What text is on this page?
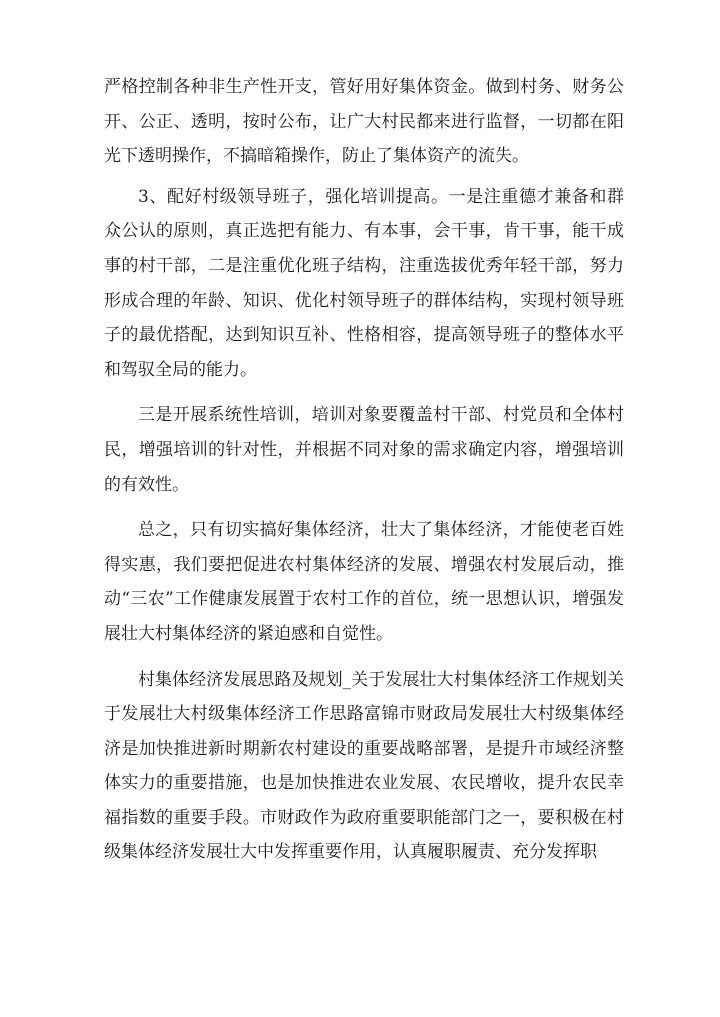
严格控制各种非生产性开支，管好用好集体资金。做到村务、财务公开、公正、透明，按时公布，让广大村民都来进行监督，一切都在阳光下透明操作，不搞暗箱操作，防止了集体资产的流失。

3、配好村级领导班子，强化培训提高。一是注重德才兼备和群众公认的原则，真正选把有能力、有本事，会干事，肯干事，能干成事的村干部，二是注重优化班子结构，注重选拔优秀年轻干部，努力形成合理的年龄、知识、优化村领导班子的群体结构，实现村领导班子的最优搭配，达到知识互补、性格相容，提高领导班子的整体水平和驾驭全局的能力。

三是开展系统性培训，培训对象要覆盖村干部、村党员和全体村民，增强培训的针对性，并根据不同对象的需求确定内容，增强培训的有效性。

总之，只有切实搞好集体经济，壮大了集体经济，才能使老百姓得实惠，我们要把促进农村集体经济的发展、增强农村发展后动，推动“三农”工作健康发展置于农村工作的首位，统一思想认识，增强发展壮大村集体经济的紧迫感和自觉性。

村集体经济发展思路及规划_关于发展壮大村集体经济工作规划关于发展壮大村级集体经济工作思路富锦市财政局发展壮大村级集体经济是加快推进新时期新农村建设的重要战略部署，是提升市域经济整体实力的重要措施，也是加快推进农业发展、农民增收，提升农民幸福指数的重要手段。市财政作为政府重要职能部门之一，要积极在村级集体经济发展壮大中发挥重要作用，认真履职履责、充分发挥职
